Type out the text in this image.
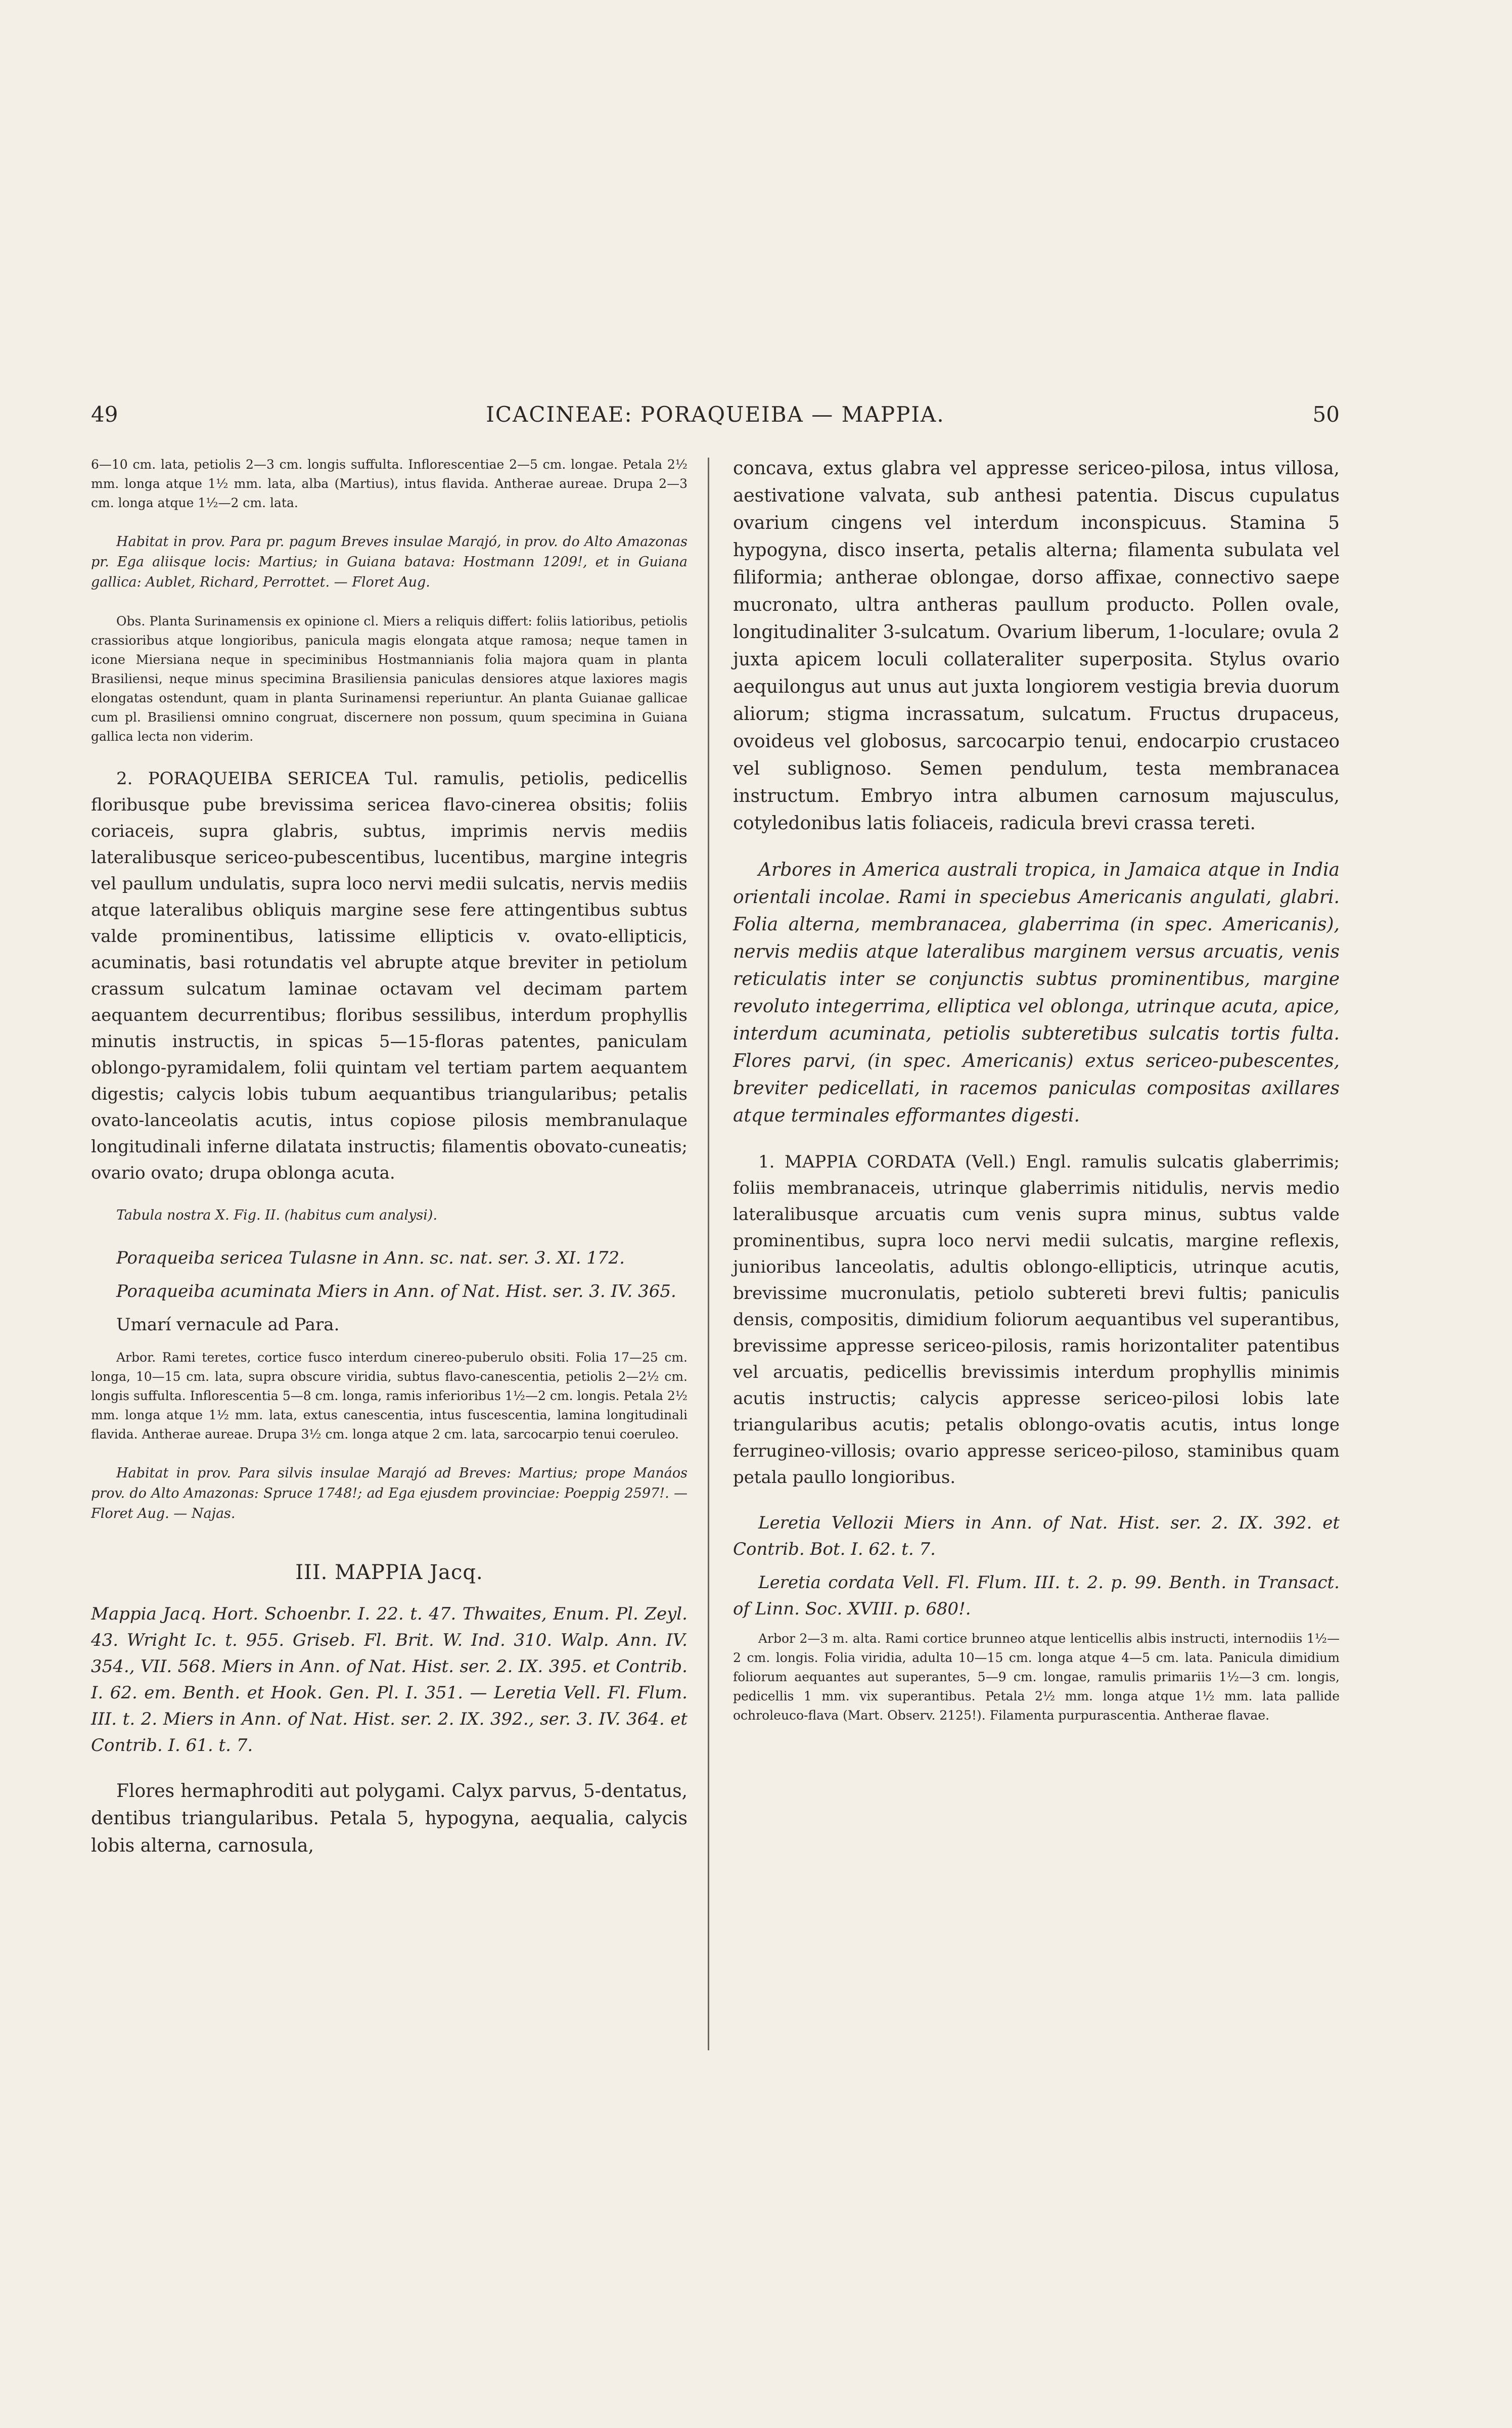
49	ICACINEAE: PORAQUEIBA — MAPPIA.	50

6—10 cm. lata, petiolis 2—3 cm. longis suffulta. Inflorescentiae 2—5 cm. longae. Petala 2½ mm. longa atque 1½ mm. lata, alba (Martius), intus flavida. Antherae aureae. Drupa 2—3 cm. longa atque 1½—2 cm. lata.

Habitat in prov. Para pr. pagum Breves insulae Marajó, in prov. do Alto Amazonas pr. Ega aliisque locis: Martius; in Guiana batava: Hostmann 1209!, et in Guiana gallica: Aublet, Richard, Perrottet. — Floret Aug.

Obs. Planta Surinamensis ex opinione cl. Miers a reliquis differt: foliis latioribus, petiolis crassioribus atque longioribus, panicula magis elongata atque ramosa; neque tamen in icone Miersiana neque in speciminibus Hostmannianis folia majora quam in planta Brasiliensi, neque minus specimina Brasiliensia paniculas densiores atque laxiores magis elongatas ostendunt, quam in planta Surinamensi reperiuntur. An planta Guianae gallicae cum pl. Brasiliensi omnino congruat, discernere non possum, quum specimina in Guiana gallica lecta non viderim.

2. PORAQUEIBA SERICEA Tul. ramulis, petiolis, pedicellis floribusque pube brevissima sericea flavo-cinerea obsitis; foliis coriaceis, supra glabris, subtus, imprimis nervis mediis lateralibusque sericeo-pubescentibus, lucentibus, margine integris vel paullum undulatis, supra loco nervi medii sulcatis, nervis mediis atque lateralibus obliquis margine sese fere attingentibus subtus valde prominentibus, latissime ellipticis v. ovato-ellipticis, acuminatis, basi rotundatis vel abrupte atque breviter in petiolum crassum sulcatum laminae octavam vel decimam partem aequantem decurrentibus; floribus sessilibus, interdum prophyllis minutis instructis, in spicas 5—15-floras patentes, paniculam oblongo-pyramidalem, folii quintam vel tertiam partem aequantem digestis; calycis lobis tubum aequantibus triangularibus; petalis ovato-lanceolatis acutis, intus copiose pilosis membranulaque longitudinali inferne dilatata instructis; filamentis obovato-cuneatis; ovario ovato; drupa oblonga acuta.

Tabula nostra X. Fig. II. (habitus cum analysi).

Poraqueiba sericea Tulasne in Ann. sc. nat. ser. 3. XI. 172.

Poraqueiba acuminata Miers in Ann. of Nat. Hist. ser. 3. IV. 365.

Umarí vernacule ad Para.

Arbor. Rami teretes, cortice fusco interdum cinereo-puberulo obsiti. Folia 17—25 cm. longa, 10—15 cm. lata, supra obscure viridia, subtus flavo-canescentia, petiolis 2—2½ cm. longis suffulta. Inflorescentia 5—8 cm. longa, ramis inferioribus 1½—2 cm. longis. Petala 2½ mm. longa atque 1½ mm. lata, extus canescentia, intus fuscescentia, lamina longitudinali flavida. Antherae aureae. Drupa 3½ cm. longa atque 2 cm. lata, sarcocarpio tenui coeruleo.

Habitat in prov. Para silvis insulae Marajó ad Breves: Martius; prope Manáos prov. do Alto Amazonas: Spruce 1748!; ad Ega ejusdem provinciae: Poeppig 2597!. — Floret Aug. — Najas.

III. MAPPIA Jacq.

Mappia Jacq. Hort. Schoenbr. I. 22. t. 47. Thwaites, Enum. Pl. Zeyl. 43. Wright Ic. t. 955. Griseb. Fl. Brit. W. Ind. 310. Walp. Ann. IV. 354., VII. 568. Miers in Ann. of Nat. Hist. ser. 2. IX. 395. et Contrib. I. 62. em. Benth. et Hook. Gen. Pl. I. 351. — Leretia Vell. Fl. Flum. III. t. 2. Miers in Ann. of Nat. Hist. ser. 2. IX. 392., ser. 3. IV. 364. et Contrib. I. 61. t. 7.

Flores hermaphroditi aut polygami. Calyx parvus, 5-dentatus, dentibus triangularibus. Petala 5, hypogyna, aequalia, calycis lobis alterna, carnosula,

concava, extus glabra vel appresse sericeo-pilosa, intus villosa, aestivatione valvata, sub anthesi patentia. Discus cupulatus ovarium cingens vel interdum inconspicuus. Stamina 5 hypogyna, disco inserta, petalis alterna; filamenta subulata vel filiformia; antherae oblongae, dorso affixae, connectivo saepe mucronato, ultra antheras paullum producto. Pollen ovale, longitudinaliter 3-sulcatum. Ovarium liberum, 1-loculare; ovula 2 juxta apicem loculi collateraliter superposita. Stylus ovario aequilongus aut unus aut juxta longiorem vestigia brevia duorum aliorum; stigma incrassatum, sulcatum. Fructus drupaceus, ovoideus vel globosus, sarcocarpio tenui, endocarpio crustaceo vel sublignoso. Semen pendulum, testa membranacea instructum. Embryo intra albumen carnosum majusculus, cotyledonibus latis foliaceis, radicula brevi crassa tereti.

Arbores in America australi tropica, in Jamaica atque in India orientali incolae. Rami in speciebus Americanis angulati, glabri. Folia alterna, membranacea, glaberrima (in spec. Americanis), nervis mediis atque lateralibus marginem versus arcuatis, venis reticulatis inter se conjunctis subtus prominentibus, margine revoluto integerrima, elliptica vel oblonga, utrinque acuta, apice, interdum acuminata, petiolis subteretibus sulcatis tortis fulta. Flores parvi, (in spec. Americanis) extus sericeo-pubescentes, breviter pedicellati, in racemos paniculas compositas axillares atque terminales efformantes digesti.

1. MAPPIA CORDATA (Vell.) Engl. ramulis sulcatis glaberrimis; foliis membranaceis, utrinque glaberrimis nitidulis, nervis medio lateralibusque arcuatis cum venis supra minus, subtus valde prominentibus, supra loco nervi medii sulcatis, margine reflexis, junioribus lanceolatis, adultis oblongo-ellipticis, utrinque acutis, brevissime mucronulatis, petiolo subtereti brevi fultis; paniculis densis, compositis, dimidium foliorum aequantibus vel superantibus, brevissime appresse sericeo-pilosis, ramis horizontaliter patentibus vel arcuatis, pedicellis brevissimis interdum prophyllis minimis acutis instructis; calycis appresse sericeo-pilosi lobis late triangularibus acutis; petalis oblongo-ovatis acutis, intus longe ferrugineo-villosis; ovario appresse sericeo-piloso, staminibus quam petala paullo longioribus.

Leretia Vellozii Miers in Ann. of Nat. Hist. ser. 2. IX. 392. et Contrib. Bot. I. 62. t. 7.

Leretia cordata Vell. Fl. Flum. III. t. 2. p. 99. Benth. in Transact. of Linn. Soc. XVIII. p. 680!.

Arbor 2—3 m. alta. Rami cortice brunneo atque lenticellis albis instructi, internodiis 1½—2 cm. longis. Folia viridia, adulta 10—15 cm. longa atque 4—5 cm. lata. Panicula dimidium foliorum aequantes aut superantes, 5—9 cm. longae, ramulis primariis 1½—3 cm. longis, pedicellis 1 mm. vix superantibus. Petala 2½ mm. longa atque 1½ mm. lata pallide ochroleuco-flava (Mart. Observ. 2125!). Filamenta purpurascentia. Antherae flavae.
